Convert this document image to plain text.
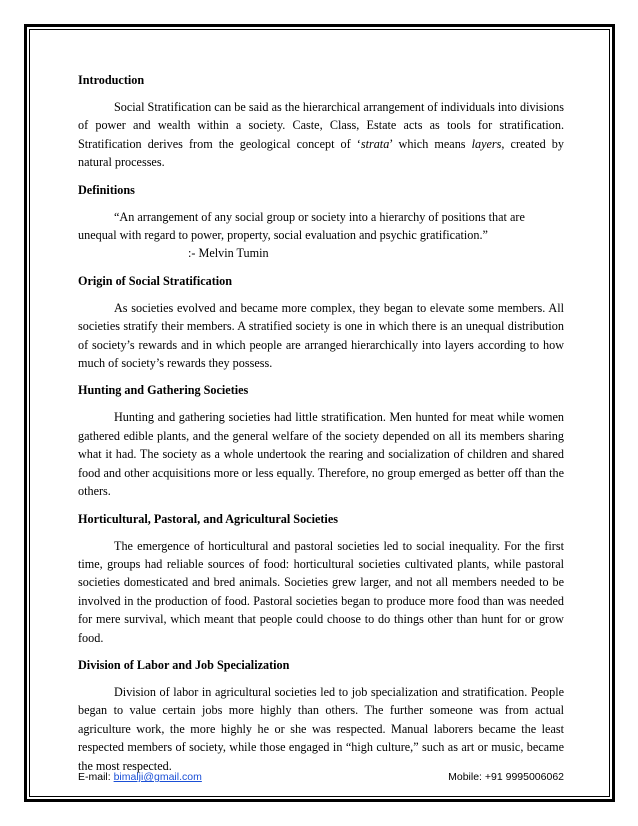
Introduction

Social Stratification can be said as the hierarchical arrangement of individuals into divisions of power and wealth within a society. Caste, Class, Estate acts as tools for stratification. Stratification derives from the geological concept of ‘strata’ which means layers, created by natural processes.

Definitions

“An arrangement of any social group or society into a hierarchy of positions that are unequal with regard to power, property, social evaluation and psychic gratification.”

:- Melvin Tumin
Origin of Social Stratification

As societies evolved and became more complex, they began to elevate some members. All societies stratify their members. A stratified society is one in which there is an unequal distribution of society’s rewards and in which people are arranged hierarchically into layers according to how much of society’s rewards they possess.

Hunting and Gathering Societies

Hunting and gathering societies had little stratification. Men hunted for meat while women gathered edible plants, and the general welfare of the society depended on all its members sharing what it had. The society as a whole undertook the rearing and socialization of children and shared food and other acquisitions more or less equally. Therefore, no group emerged as better off than the others.

Horticultural, Pastoral, and Agricultural Societies

The emergence of horticultural and pastoral societies led to social inequality. For the first time, groups had reliable sources of food: horticultural societies cultivated plants, while pastoral societies domesticated and bred animals. Societies grew larger, and not all members needed to be involved in the production of food. Pastoral societies began to produce more food than was needed for mere survival, which meant that people could choose to do things other than hunt for or grow food.

Division of Labor and Job Specialization

Division of labor in agricultural societies led to job specialization and stratification. People began to value certain jobs more highly than others. The further someone was from actual agriculture work, the more highly he or she was respected. Manual laborers became the least respected members of society, while those engaged in “high culture,” such as art or music, became the most respected.

E-mail: bimalji@gmail.com	Mobile: +91 9995006062
